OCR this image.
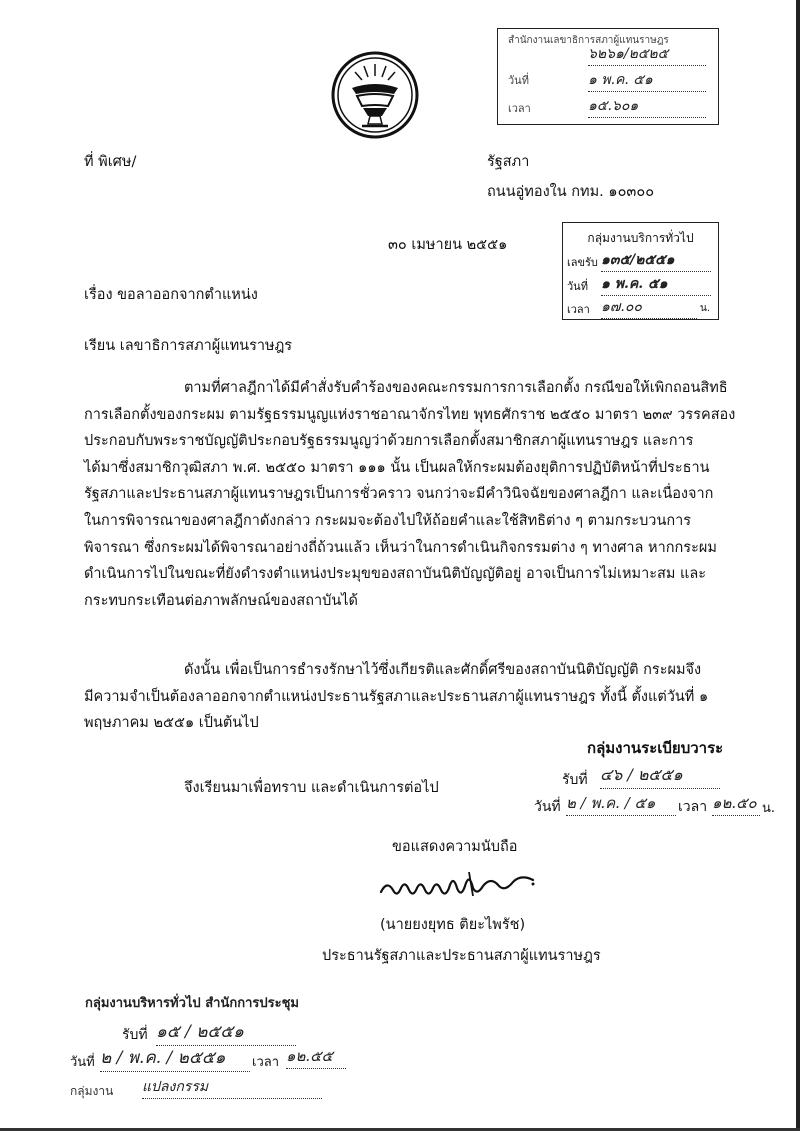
สำนักงานเลขาธิการสภาผู้แทนราษฎร
๖๒๖๑/๒๕๒๕
วันที่	๑ พ.ค. ๕๑
เวลา	๑๕.๖๐๑
ที่ พิเศษ/	รัฐสภา
ถนนอู่ทองใน กทม. ๑๐๓๐๐
๓๐ เมษายน ๒๕๕๑	กลุ่มงานบริการทั่วไป
เลขรับ ๑๓๕/๒๕๕๑
วันที่ ๑ พ.ค. ๕๑
เวลา ๑๗.๐๐	น.
เรื่อง ขอลาออกจากตำแหน่ง
เรียน เลขาธิการสภาผู้แทนราษฎร
ตามที่ศาลฎีกาได้มีคำสั่งรับคำร้องของคณะกรรมการการเลือกตั้ง กรณีขอให้เพิกถอนสิทธิ
การเลือกตั้งของกระผม ตามรัฐธรรมนูญแห่งราชอาณาจักรไทย พุทธศักราช ๒๕๕๐ มาตรา ๒๓๙ วรรคสอง
ประกอบกับพระราชบัญญัติประกอบรัฐธรรมนูญว่าด้วยการเลือกตั้งสมาชิกสภาผู้แทนราษฎร และการ
ได้มาซึ่งสมาชิกวุฒิสภา พ.ศ. ๒๕๕๐ มาตรา ๑๑๑ นั้น เป็นผลให้กระผมต้องยุติการปฏิบัติหน้าที่ประธาน
รัฐสภาและประธานสภาผู้แทนราษฎรเป็นการชั่วคราว จนกว่าจะมีคำวินิจฉัยของศาลฎีกา และเนื่องจาก
ในการพิจารณาของศาลฎีกาดังกล่าว กระผมจะต้องไปให้ถ้อยคำและใช้สิทธิต่าง ๆ ตามกระบวนการ
พิจารณา ซึ่งกระผมได้พิจารณาอย่างถี่ถ้วนแล้ว เห็นว่าในการดำเนินกิจกรรมต่าง ๆ ทางศาล หากกระผม
ดำเนินการไปในขณะที่ยังดำรงตำแหน่งประมุขของสถาบันนิติบัญญัติอยู่ อาจเป็นการไม่เหมาะสม และ
กระทบกระเทือนต่อภาพลักษณ์ของสถาบันได้
ดังนั้น เพื่อเป็นการธำรงรักษาไว้ซึ่งเกียรติและศักดิ์ศรีของสถาบันนิติบัญญัติ กระผมจึง
มีความจำเป็นต้องลาออกจากตำแหน่งประธานรัฐสภาและประธานสภาผู้แทนราษฎร ทั้งนี้ ตั้งแต่วันที่ ๑
พฤษภาคม ๒๕๕๑ เป็นต้นไป
กลุ่มงานระเบียบวาระ
รับที่ ๔๖ / ๒๕๕๑
วันที่ ๒ / พ.ค. / ๕๑	เวลา ๑๒.๕๐ น.
จึงเรียนมาเพื่อทราบ และดำเนินการต่อไป
ขอแสดงความนับถือ
(นายยงยุทธ ติยะไพรัช)
ประธานรัฐสภาและประธานสภาผู้แทนราษฎร
กลุ่มงานบริหารทั่วไป สำนักการประชุม
รับที่ ๑๕ / ๒๕๕๑
วันที่ ๒ / พ.ค. / ๒๕๕๑	เวลา ๑๒.๕๕
กลุ่มงาน แปลงกรรม
